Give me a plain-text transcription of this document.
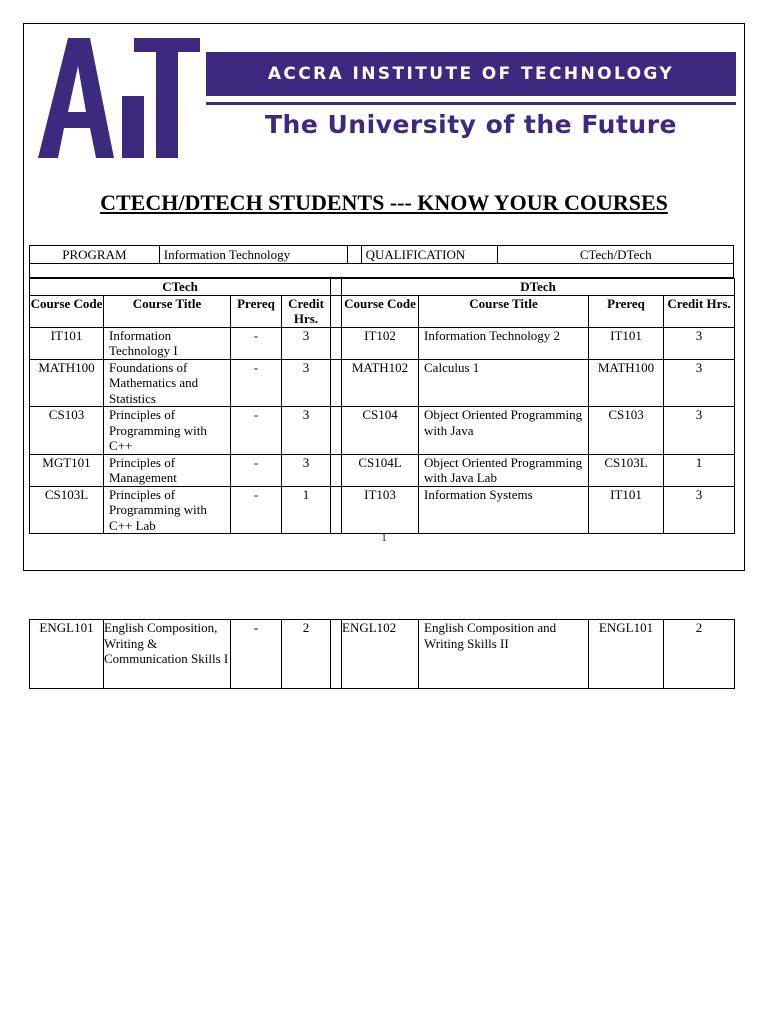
ACCRA INSTITUTE OF TECHNOLOGY
The University of the Future
CTECH/DTECH STUDENTS --- KNOW YOUR COURSES
PROGRAM	Information Technology		QUALIFICATION	CTech/DTech
CTech					DTech			
Course Code	Course Title	Prereq	Credit Hrs.		Course Code	Course Title	Prereq	Credit Hrs.
IT101	Information Technology I	-	3		IT102	Information Technology 2	IT101	3
MATH100	Foundations of Mathematics and Statistics	-	3		MATH102	Calculus 1	MATH100	3
CS103	Principles of Programming with C++	-	3		CS104	Object Oriented Programming with Java	CS103	3
MGT101	Principles of Management	-	3		CS104L	Object Oriented Programming with Java Lab	CS103L	1
CS103L	Principles of Programming with C++ Lab	-	1		IT103	Information Systems	IT101	3
1
ENGL101	English Composition, Writing & Communication Skills I	-	2		ENGL102	English Composition and Writing Skills II	ENGL101	2
